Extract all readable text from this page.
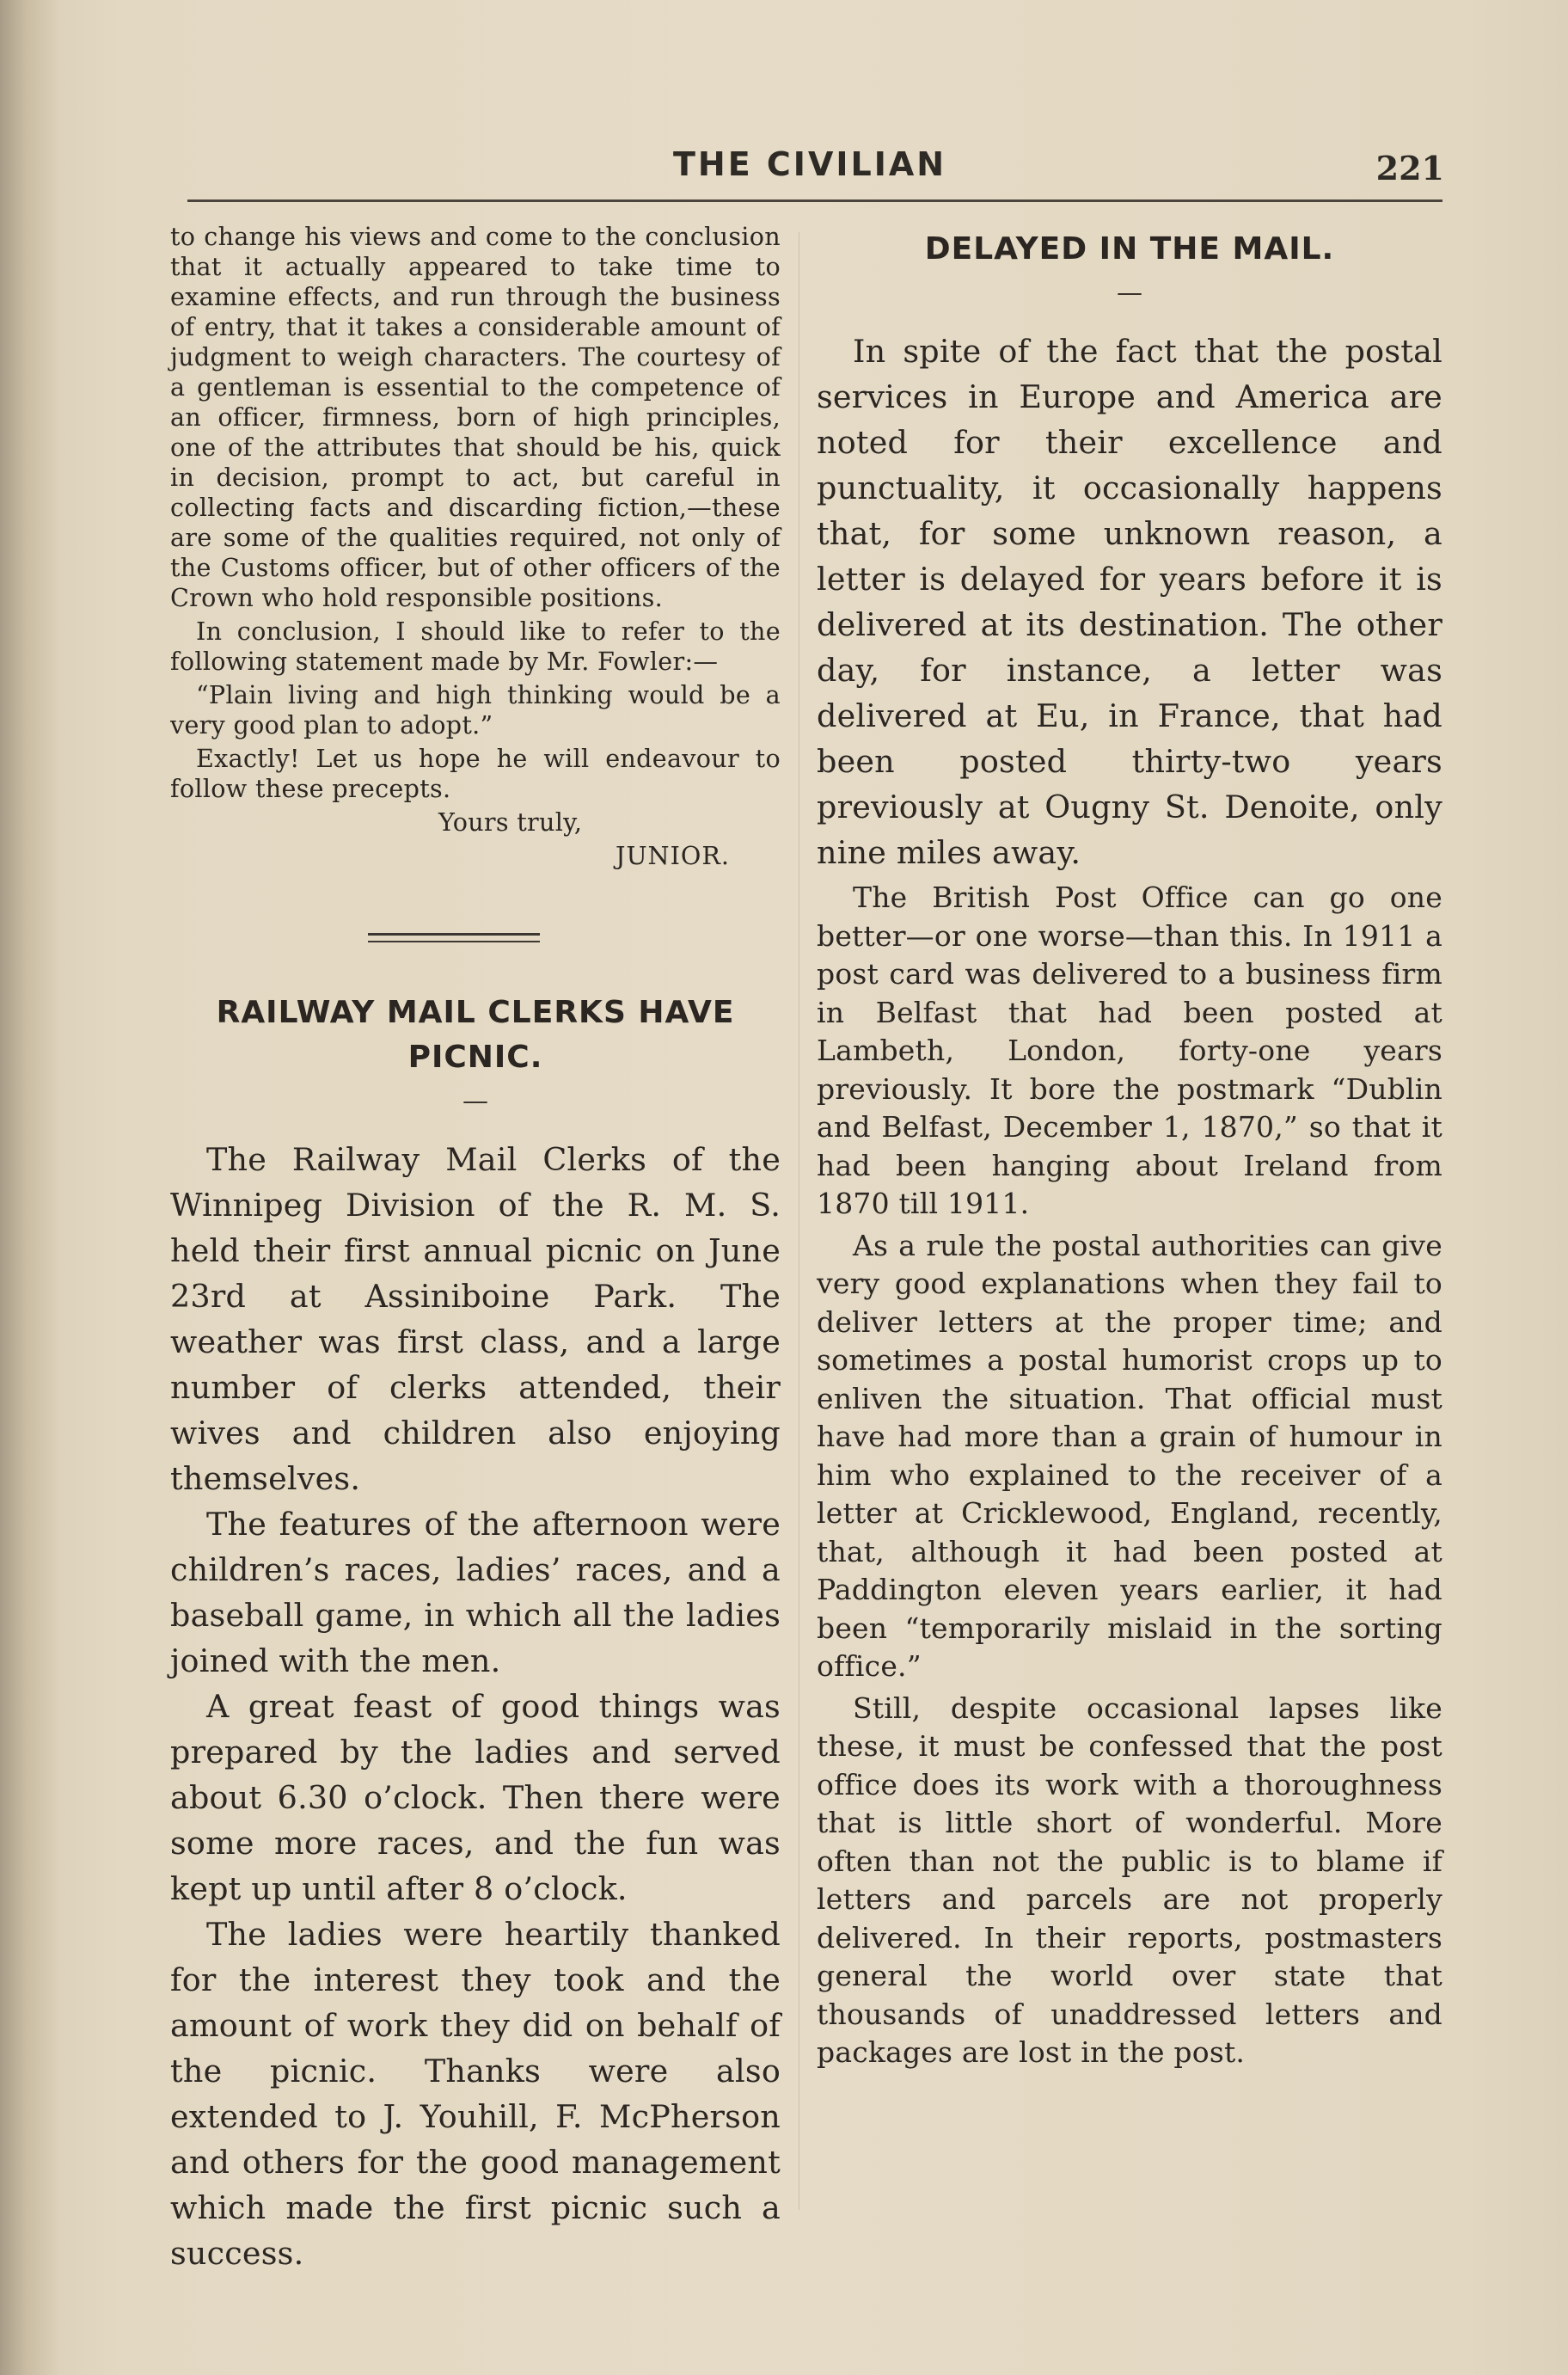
THE CIVILIAN	221

to change his views and come to the conclusion that it actually appeared to take time to examine effects, and run through the business of entry, that it takes a considerable amount of judgment to weigh characters. The courtesy of a gentleman is essential to the competence of an officer, firmness, born of high principles, one of the attributes that should be his, quick in decision, prompt to act, but careful in collecting facts and discarding fiction,—these are some of the qualities required, not only of the Customs officer, but of other officers of the Crown who hold responsible positions.

In conclusion, I should like to refer to the following statement made by Mr. Fowler:—

“Plain living and high thinking would be a very good plan to adopt.”

Exactly! Let us hope he will endeavour to follow these precepts.

Yours truly,

JUNIOR.

RAILWAY MAIL CLERKS HAVE PICNIC.
—

The Railway Mail Clerks of the Winnipeg Division of the R. M. S. held their first annual picnic on June 23rd at Assiniboine Park. The weather was first class, and a large number of clerks attended, their wives and children also enjoying themselves.

The features of the afternoon were children’s races, ladies’ races, and a baseball game, in which all the ladies joined with the men.

A great feast of good things was prepared by the ladies and served about 6.30 o’clock. Then there were some more races, and the fun was kept up until after 8 o’clock.

The ladies were heartily thanked for the interest they took and the amount of work they did on behalf of the picnic. Thanks were also extended to J. Youhill, F. McPherson and others for the good management which made the first picnic such a success.

DELAYED IN THE MAIL.
—

In spite of the fact that the postal services in Europe and America are noted for their excellence and punctuality, it occasionally happens that, for some unknown reason, a letter is delayed for years before it is delivered at its destination. The other day, for instance, a letter was delivered at Eu, in France, that had been posted thirty-two years previously at Ougny St. Denoite, only nine miles away.

The British Post Office can go one better—or one worse—than this. In 1911 a post card was delivered to a business firm in Belfast that had been posted at Lambeth, London, forty-one years previously. It bore the postmark “Dublin and Belfast, December 1, 1870,” so that it had been hanging about Ireland from 1870 till 1911.

As a rule the postal authorities can give very good explanations when they fail to deliver letters at the proper time; and sometimes a postal humorist crops up to enliven the situation. That official must have had more than a grain of humour in him who explained to the receiver of a letter at Cricklewood, England, recently, that, although it had been posted at Paddington eleven years earlier, it had been “temporarily mislaid in the sorting office.”

Still, despite occasional lapses like these, it must be confessed that the post office does its work with a thoroughness that is little short of wonderful. More often than not the public is to blame if letters and parcels are not properly delivered. In their reports, postmasters general the world over state that thousands of unaddressed letters and packages are lost in the post.
